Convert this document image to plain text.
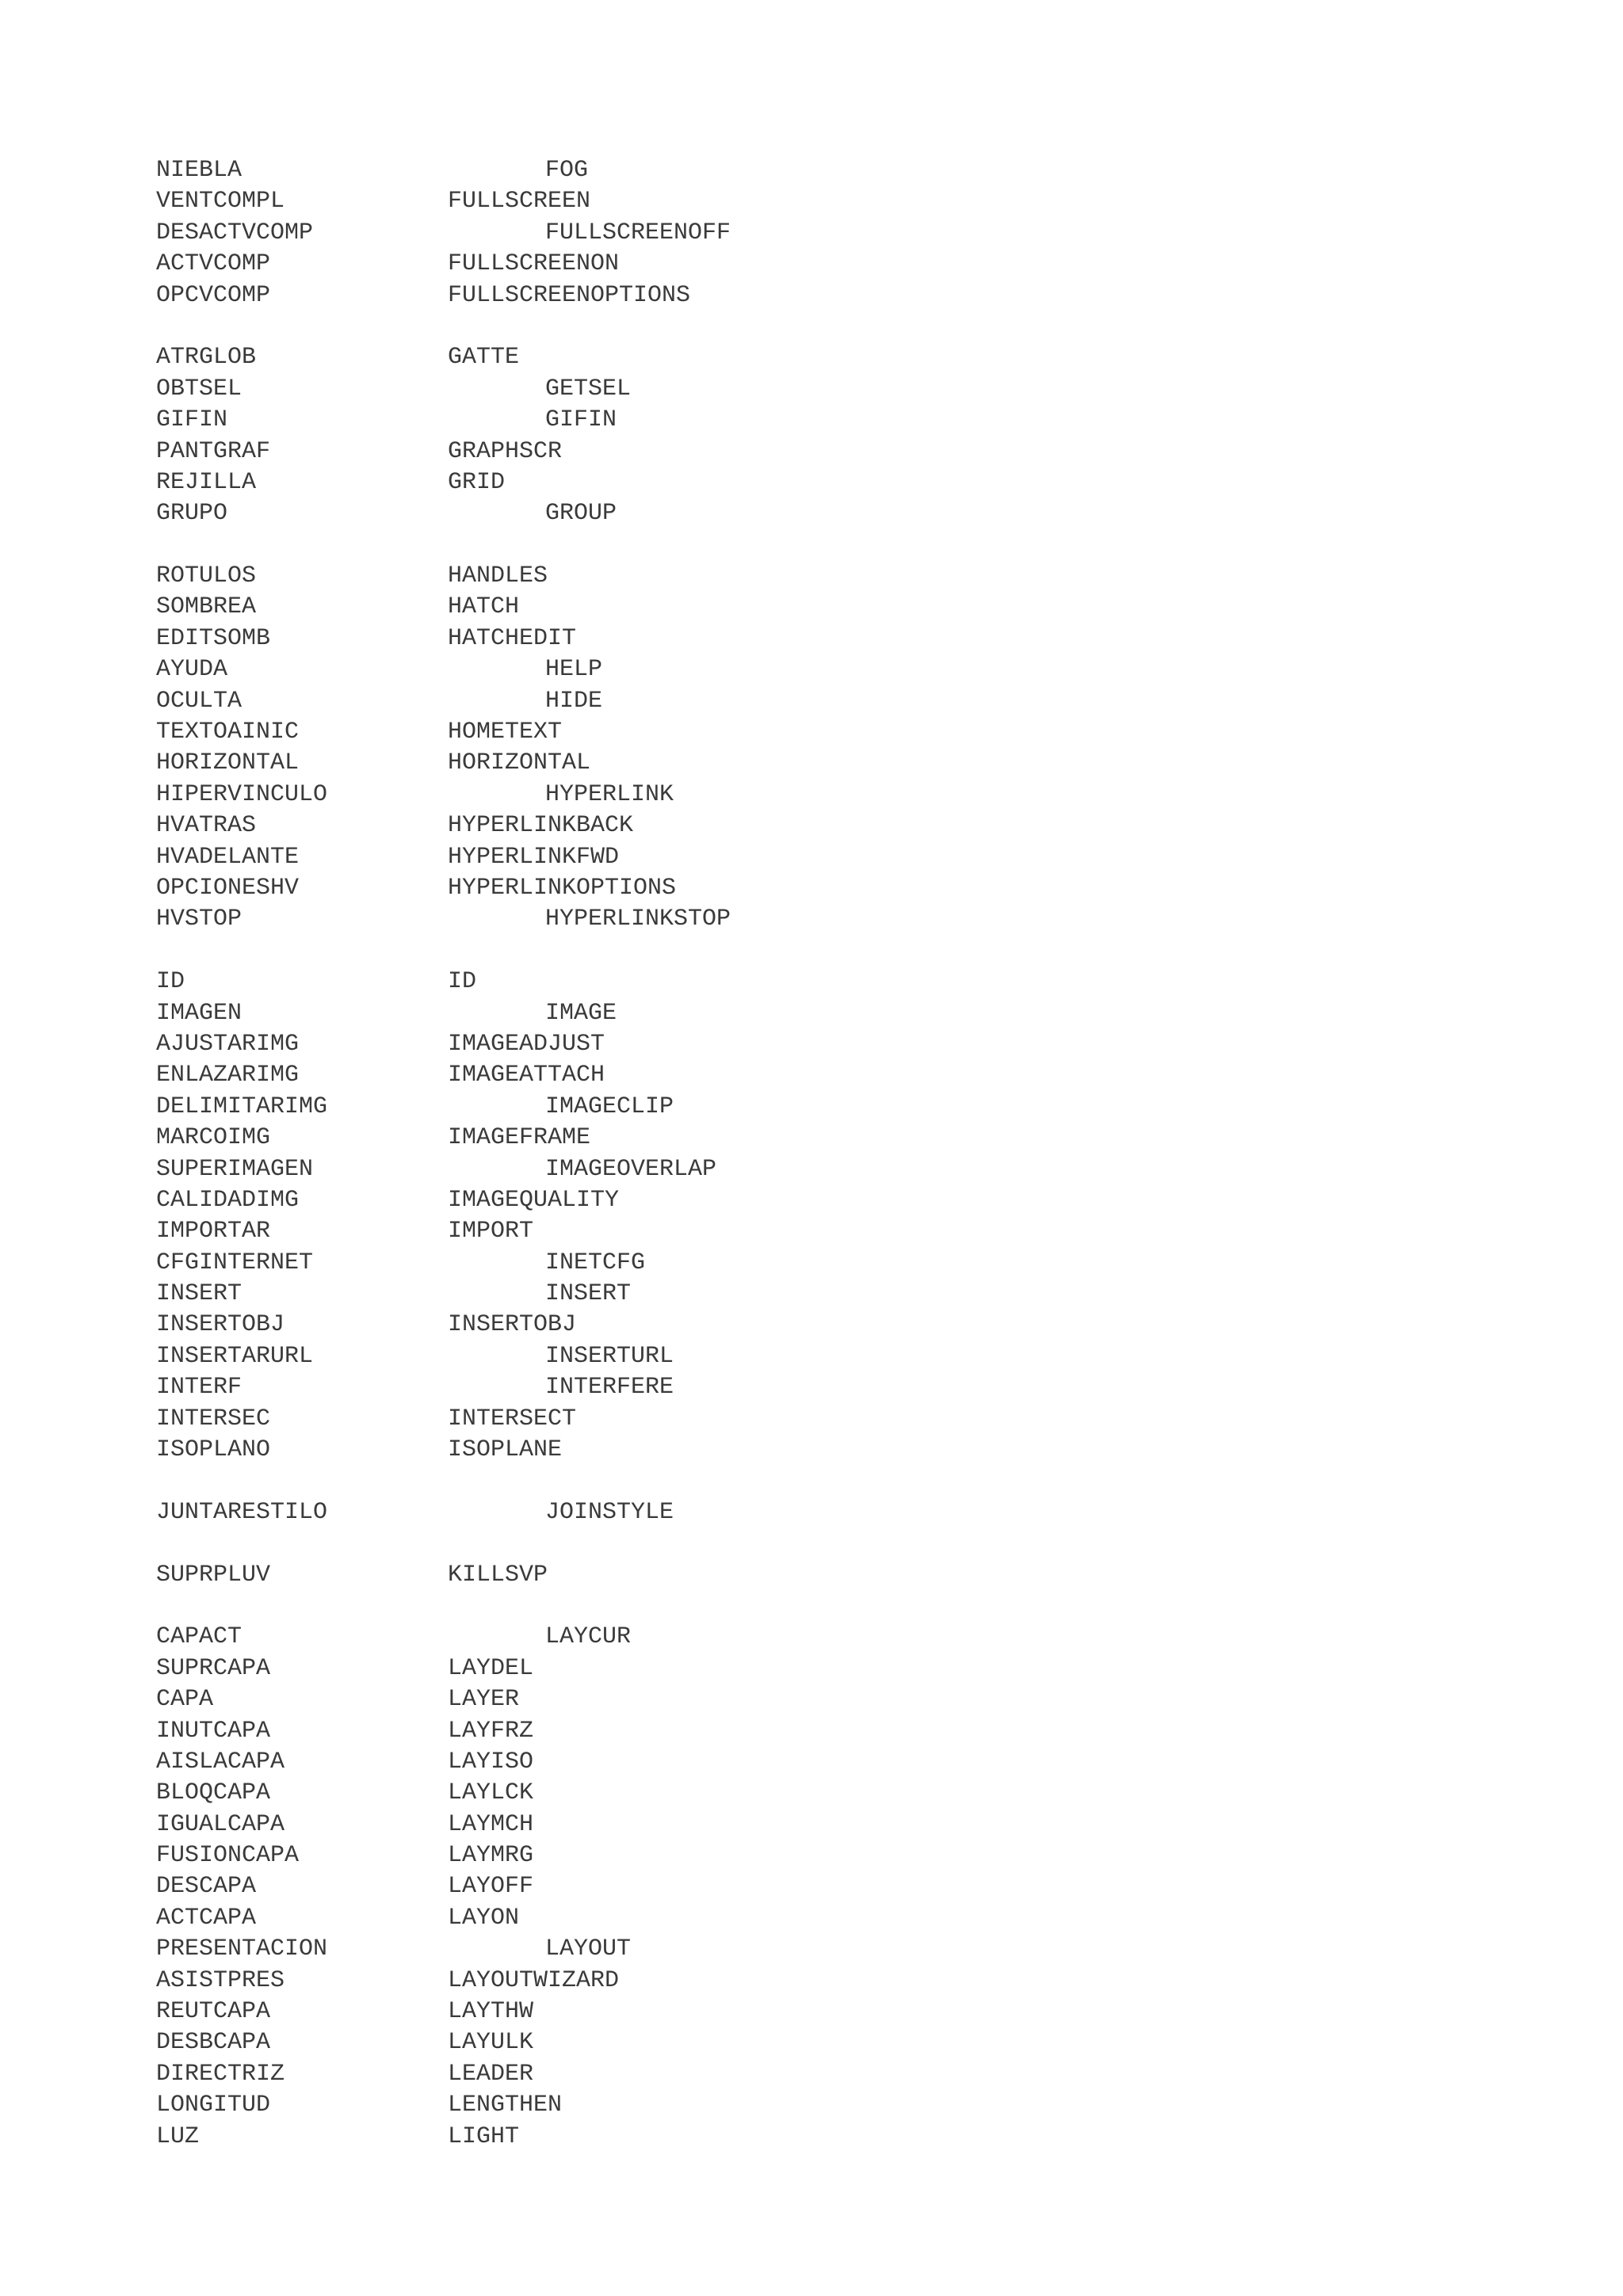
NIEBLA	FOG
VENTCOMPL	FULLSCREEN
DESACTVCOMP	FULLSCREENOFF
ACTVCOMP	FULLSCREENON
OPCVCOMP	FULLSCREENOPTIONS
ATRGLOB	GATTE
OBTSEL	GETSEL
GIFIN	GIFIN
PANTGRAF	GRAPHSCR
REJILLA	GRID
GRUPO	GROUP
ROTULOS	HANDLES
SOMBREA	HATCH
EDITSOMB	HATCHEDIT
AYUDA	HELP
OCULTA	HIDE
TEXTOAINIC	HOMETEXT
HORIZONTAL	HORIZONTAL
HIPERVINCULO	HYPERLINK
HVATRAS	HYPERLINKBACK
HVADELANTE	HYPERLINKFWD
OPCIONESHV	HYPERLINKOPTIONS
HVSTOP	HYPERLINKSTOP
ID	ID
IMAGEN	IMAGE
AJUSTARIMG	IMAGEADJUST
ENLAZARIMG	IMAGEATTACH
DELIMITARIMG	IMAGECLIP
MARCOIMG	IMAGEFRAME
SUPERIMAGEN	IMAGEOVERLAP
CALIDADIMG	IMAGEQUALITY
IMPORTAR	IMPORT
CFGINTERNET	INETCFG
INSERT	INSERT
INSERTOBJ	INSERTOBJ
INSERTARURL	INSERTURL
INTERF	INTERFERE
INTERSEC	INTERSECT
ISOPLANO	ISOPLANE
JUNTARESTILO	JOINSTYLE
SUPRPLUV	KILLSVP
CAPACT	LAYCUR
SUPRCAPA	LAYDEL
CAPA	LAYER
INUTCAPA	LAYFRZ
AISLACAPA	LAYISO
BLOQCAPA	LAYLCK
IGUALCAPA	LAYMCH
FUSIONCAPA	LAYMRG
DESCAPA	LAYOFF
ACTCAPA	LAYON
PRESENTACION	LAYOUT
ASISTPRES	LAYOUTWIZARD
REUTCAPA	LAYTHW
DESBCAPA	LAYULK
DIRECTRIZ	LEADER
LONGITUD	LENGTHEN
LUZ	LIGHT
